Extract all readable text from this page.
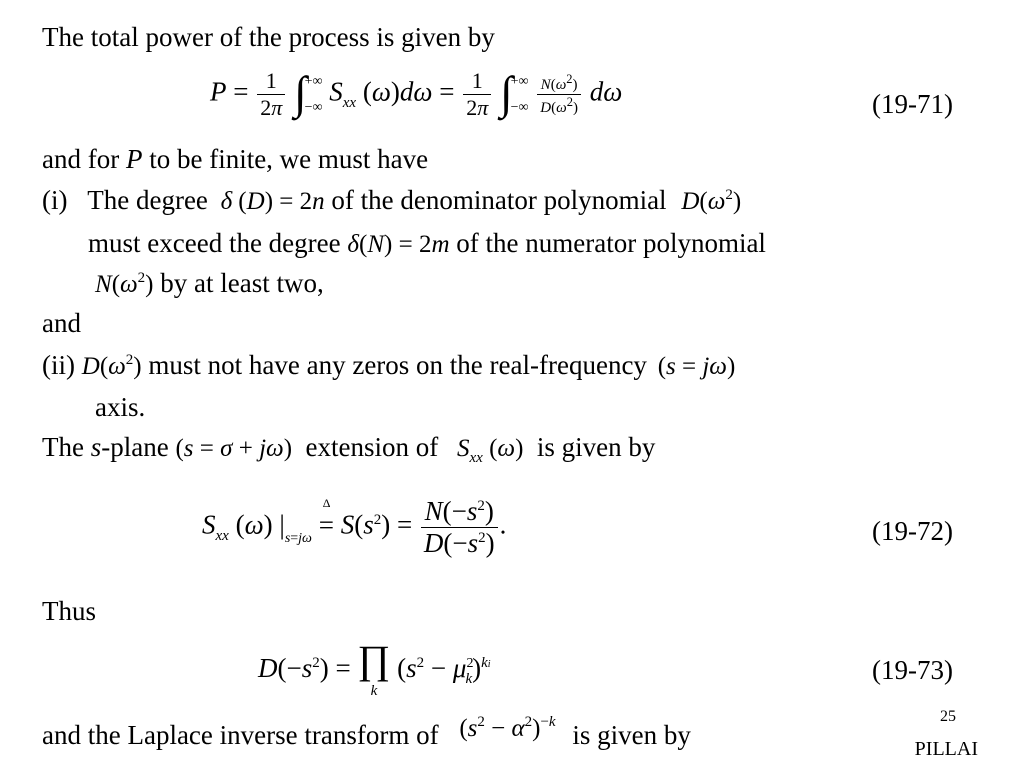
The total power of the process is given by
$P = \frac{1}{2\pi}$ ∫
+∞
−∞
$S_{xx}$ $(\omega)d\omega = \frac{1}{2\pi}$ ∫
+∞
−∞
$\frac{N(\omega^2)}{D(\omega^2)}$ dω	(19-71)
and for P to be finite, we must have
(i)   The degree δ (D) = 2n of the denominator polynomial $D(\omega^2)$
must exceed the degree δ(N) = 2m of the numerator polynomial
$N(\omega^2)$ by at least two,
and
(ii) $D(\omega^2)$ must not have any zeros on the real-frequency (s = jω)
axis.
The s-plane (s = σ + jω)  extension of $S_{xx}$ (ω)  is given by
$S_{xx}$ (ω) $|_{s=j\omega}$
Δ
= $S(s^2) = \frac{N(-s^2)}{D(-s^2)}$ .	(19-72)
Thus
$D(-s^2)$ = ∏
k
$(s^2 - \mu^2_k)^{ki}$	(19-73)
and the Laplace inverse transform of $(s^2 - \alpha^2)^{-k}$ is given by
25
PILLAI
